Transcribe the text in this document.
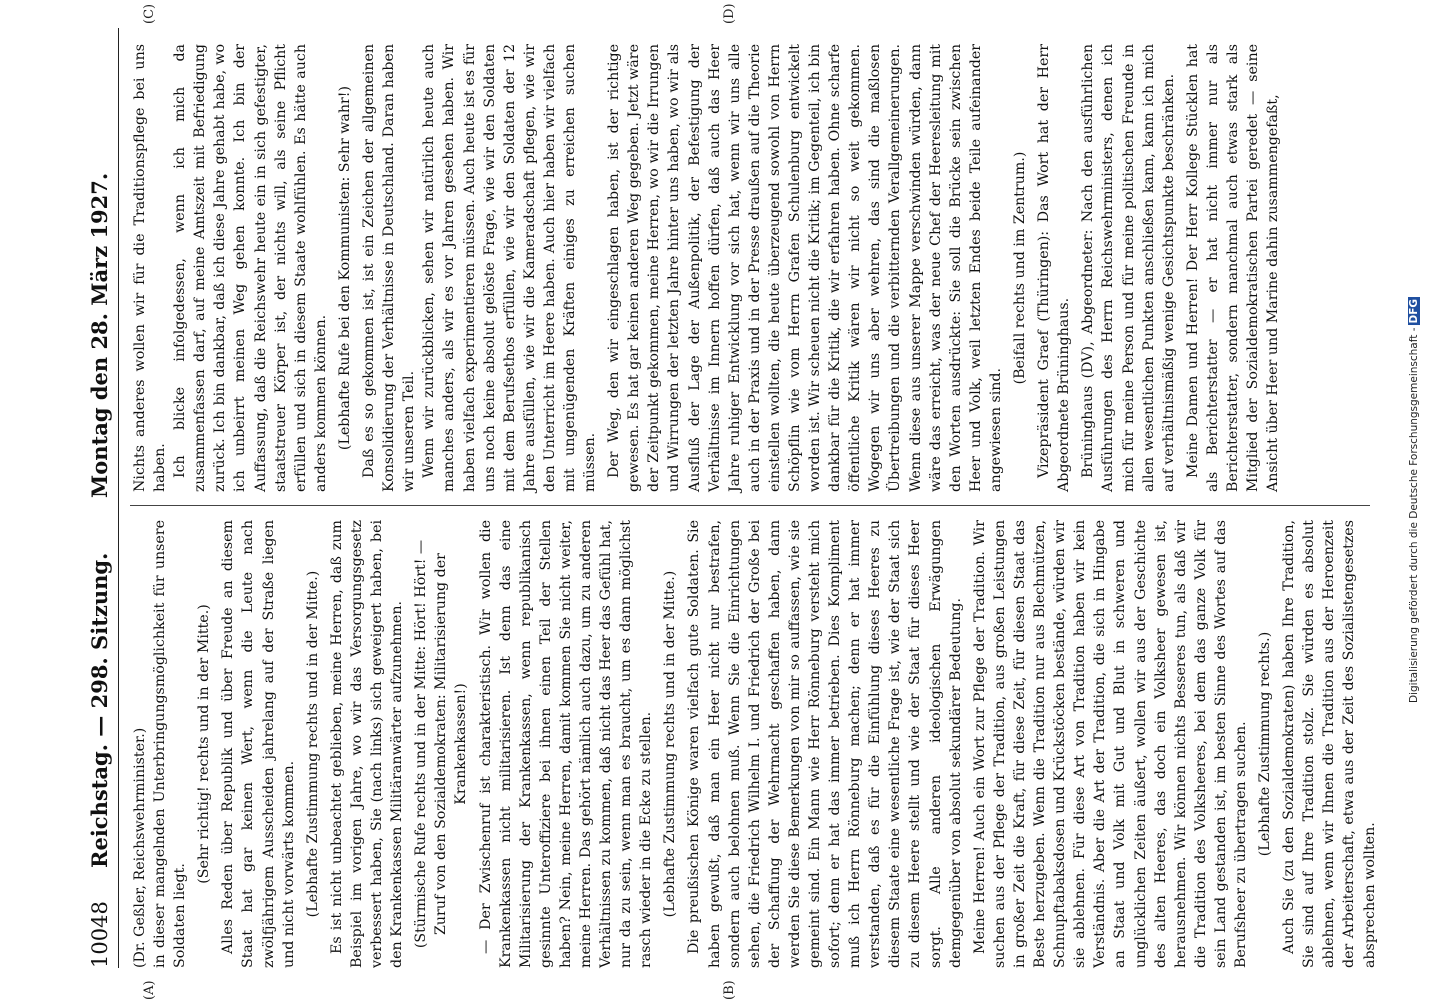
10048
Reichstag. — 298. Sitzung.
Montag den 28. März 1927.

(Dr. Geßler, Reichswehrminister.) in dieser mangelnden Unterbringungsmöglichkeit für unsere Soldaten liegt.

(Sehr richtig! rechts und in der Mitte.) Alles Reden über Republik und über Freude an diesem Staat hat gar keinen Wert, wenn die Leute nach zwölfjährigem Ausscheiden jahrelang auf der Straße liegen und nicht vorwärts kommen. (Lebhafte Zustimmung rechts und in der Mitte.) Es ist nicht unbeachtet geblieben, meine Herren, daß zum Beispiel im vorigen Jahre, wo wir das Versorgungsgesetz verbessert haben, Sie (nach links) sich geweigert haben, bei den Krankenkassen Militäranwärter aufzunehmen. (Stürmische Rufe rechts und in der Mitte: Hört! Hört! — Zuruf von den Sozialdemokraten: Militarisierung der Krankenkassen!) — Der Zwischenruf ist charakteristisch. Wir wollen die Krankenkassen nicht militarisieren. Ist denn das eine Militarisierung der Krankenkassen, wenn republikanisch gesinnte Unteroffiziere bei ihnen einen Teil der Stellen haben? Nein, meine Herren, damit kommen Sie nicht weiter, meine Herren. Das gehört nämlich auch dazu, um zu anderen Verhältnissen zu kommen, daß nicht das Heer das Gefühl hat, nur da zu sein, wenn man es braucht, um es dann möglichst rasch wieder in die Ecke zu stellen. (Lebhafte Zustimmung rechts und in der Mitte.) Die preußischen Könige waren vielfach gute Soldaten. Sie haben gewußt, daß man ein Heer nicht nur bestrafen, sondern auch belohnen muß. Wenn Sie die Einrichtungen sehen, die Friedrich Wilhelm I. und Friedrich der Große bei der Schaffung der Wehrmacht geschaffen haben, dann werden Sie diese Bemerkungen von mir so auffassen, wie sie gemeint sind. Ein Mann wie Herr Rönneburg versteht mich sofort; denn er hat das immer betrieben. Dies Kompliment muß ich Herrn Rönneburg machen; denn er hat immer verstanden, daß es für die Einfühlung dieses Heeres zu diesem Staate eine wesentliche Frage ist, wie der Staat sich zu diesem Heere stellt und wie der Staat für dieses Heer sorgt. Alle anderen ideologischen Erwägungen demgegenüber von absolut sekundärer Bedeutung. Meine Herren! Auch ein Wort zur Pflege der Tradition. Wir suchen aus der Pflege der Tradition, aus großen Leistungen in großer Zeit die Kraft, für diese Zeit, für diesen Staat das Beste herzugeben. Wenn die Tradition nur aus Blechmützen, Schnupftabaksdosen und Krückstöcken bestände, würden wir sie ablehnen. Für diese Art von Tradition haben wir kein Verständnis. Aber die Art der Tradition, die sich in Hingabe an Staat und Volk mit Gut und Blut in schweren und unglücklichen Zeiten äußert, wollen wir aus der Geschichte des alten Heeres, das doch ein Volksheer gewesen ist, herausnehmen. Wir können nichts Besseres tun, als daß wir die Tradition des Volksheeres, bei dem das ganze Volk für sein Land gestanden ist, im besten Sinne des Wortes auf das Berufsheer zu übertragen suchen. (Lebhafte Zustimmung rechts.) Auch Sie (zu den Sozialdemokraten) haben Ihre Tradition, Sie sind auf Ihre Tradition stolz. Sie würden es absolut ablehnen, wenn wir Ihnen die Tradition aus der Heroenzeit der Arbeiterschaft, etwa aus der Zeit des Sozialistengesetzes absprechen wollten.

Nichts anderes wollen wir für die Traditionspflege bei uns haben. Ich blicke infolgedessen, wenn ich mich da zusammenfassen darf, auf meine Amtszeit mit Befriedigung zurück. Ich bin dankbar, daß ich diese Jahre gehabt habe, wo ich unbeirrt meinen Weg gehen konnte. Ich bin der Auffassung, daß die Reichswehr heute ein in sich gefestigter, staatstreuer Körper ist, der nichts will, als seine Pflicht erfüllen und sich in diesem Staate wohlfühlen. Es hätte auch anders kommen können. (Lebhafte Rufe bei den Kommunisten: Sehr wahr!) Daß es so gekommen ist, ist ein Zeichen der allgemeinen Konsolidierung der Verhältnisse in Deutschland. Daran haben wir unseren Teil. Wenn wir zurückblicken, sehen wir natürlich heute auch manches anders, als wir es vor Jahren gesehen haben. Wir haben vielfach experimentieren müssen. Auch heute ist es für uns noch keine absolut gelöste Frage, wie wir den Soldaten mit dem Berufsethos erfüllen, wie wir den Soldaten der 12 Jahre ausfüllen, wie wir die Kameradschaft pflegen, wie wir den Unterricht im Heere haben. Auch hier haben wir vielfach mit ungenügenden Kräften einiges zu erreichen suchen müssen. Der Weg, den wir eingeschlagen haben, ist der richtige gewesen. Es hat gar keinen anderen Weg gegeben. Jetzt wäre der Zeitpunkt gekommen, meine Herren, wo wir die Irrungen und Wirrungen der letzten Jahre hinter uns haben, wo wir als Ausfluß der Lage der Außenpolitik, der Befestigung der Verhältnisse im Innern hoffen dürfen, daß auch das Heer Jahre ruhiger Entwicklung vor sich hat, wenn wir uns alle auch in der Praxis und in der Presse draußen auf die Theorie einstellen wollten, die heute überzeugend sowohl von Herrn Schöpflin wie vom Herrn Grafen Schulenburg entwickelt worden ist. Wir scheuen nicht die Kritik; im Gegenteil, ich bin dankbar für die Kritik, die wir erfahren haben. Ohne scharfe öffentliche Kritik wären wir nicht so weit gekommen. Wogegen wir uns aber wehren, das sind die maßlosen Übertreibungen und die verbitternden Verallgemeinerungen. Wenn diese aus unserer Mappe verschwinden würden, dann wäre das erreicht, was der neue Chef der Heeresleitung mit den Worten ausdrückte: Sie soll die Brücke sein zwischen Heer und Volk, weil letzten Endes beide Teile aufeinander angewiesen sind.

(Beifall rechts und im Zentrum.) Vizepräsident Graef (Thüringen): Das Wort hat der Herr Abgeordnete Brüninghaus. Brüninghaus (DV), Abgeordneter: Nach den ausführlichen Ausführungen des Herrn Reichswehrministers, denen ich mich für meine Person und für meine politischen Freunde in allen wesentlichen Punkten anschließen kann, kann ich mich auf verhältnismäßig wenige Gesichtspunkte beschränken. Meine Damen und Herren! Der Herr Kollege Stücklen hat als Berichterstatter — er hat nicht immer nur als Berichterstatter, sondern manchmal auch etwas stark als Mitglied der Sozialdemokratischen Partei geredet — seine Ansicht über Heer und Marine dahin zusammengefaßt,

(A)	(B)
(C)	(D)
Digitalisierung gefördert durch die Deutsche Forschungsgemeinschaft -DFG
